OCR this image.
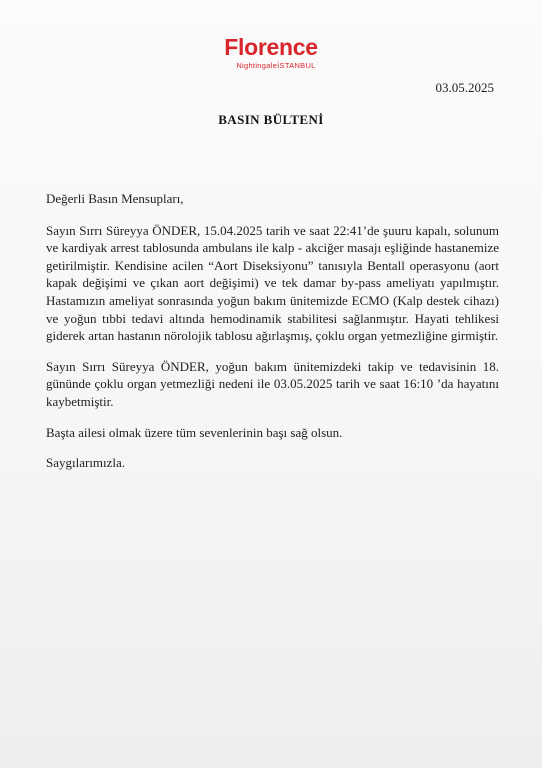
Florence
NightingaleİSTANBUL
03.05.2025
BASIN BÜLTENİ

Değerli Basın Mensupları,

Sayın Sırrı Süreyya ÖNDER, 15.04.2025 tarih ve saat 22:41’de şuuru kapalı, solunum ve kardiyak arrest tablosunda ambulans ile kalp - akciğer masajı eşliğinde hastanemize getirilmiştir. Kendisine acilen “Aort Diseksiyonu” tanısıyla Bentall operasyonu (aort kapak değişimi ve çıkan aort değişimi) ve tek damar by-pass ameliyatı yapılmıştır. Hastamızın ameliyat sonrasında yoğun bakım ünitemizde ECMO (Kalp destek cihazı) ve yoğun tıbbi tedavi altında hemodinamik stabilitesi sağlanmıştır. Hayati tehlikesi giderek artan hastanın nörolojik tablosu ağırlaşmış, çoklu organ yetmezliğine girmiştir.

Sayın Sırrı Süreyya ÖNDER, yoğun bakım ünitemizdeki takip ve tedavisinin 18. gününde çoklu organ yetmezliği nedeni ile 03.05.2025 tarih ve saat 16:10 ’da hayatını kaybetmiştir.

Başta ailesi olmak üzere tüm sevenlerinin başı sağ olsun.

Saygılarımızla.
